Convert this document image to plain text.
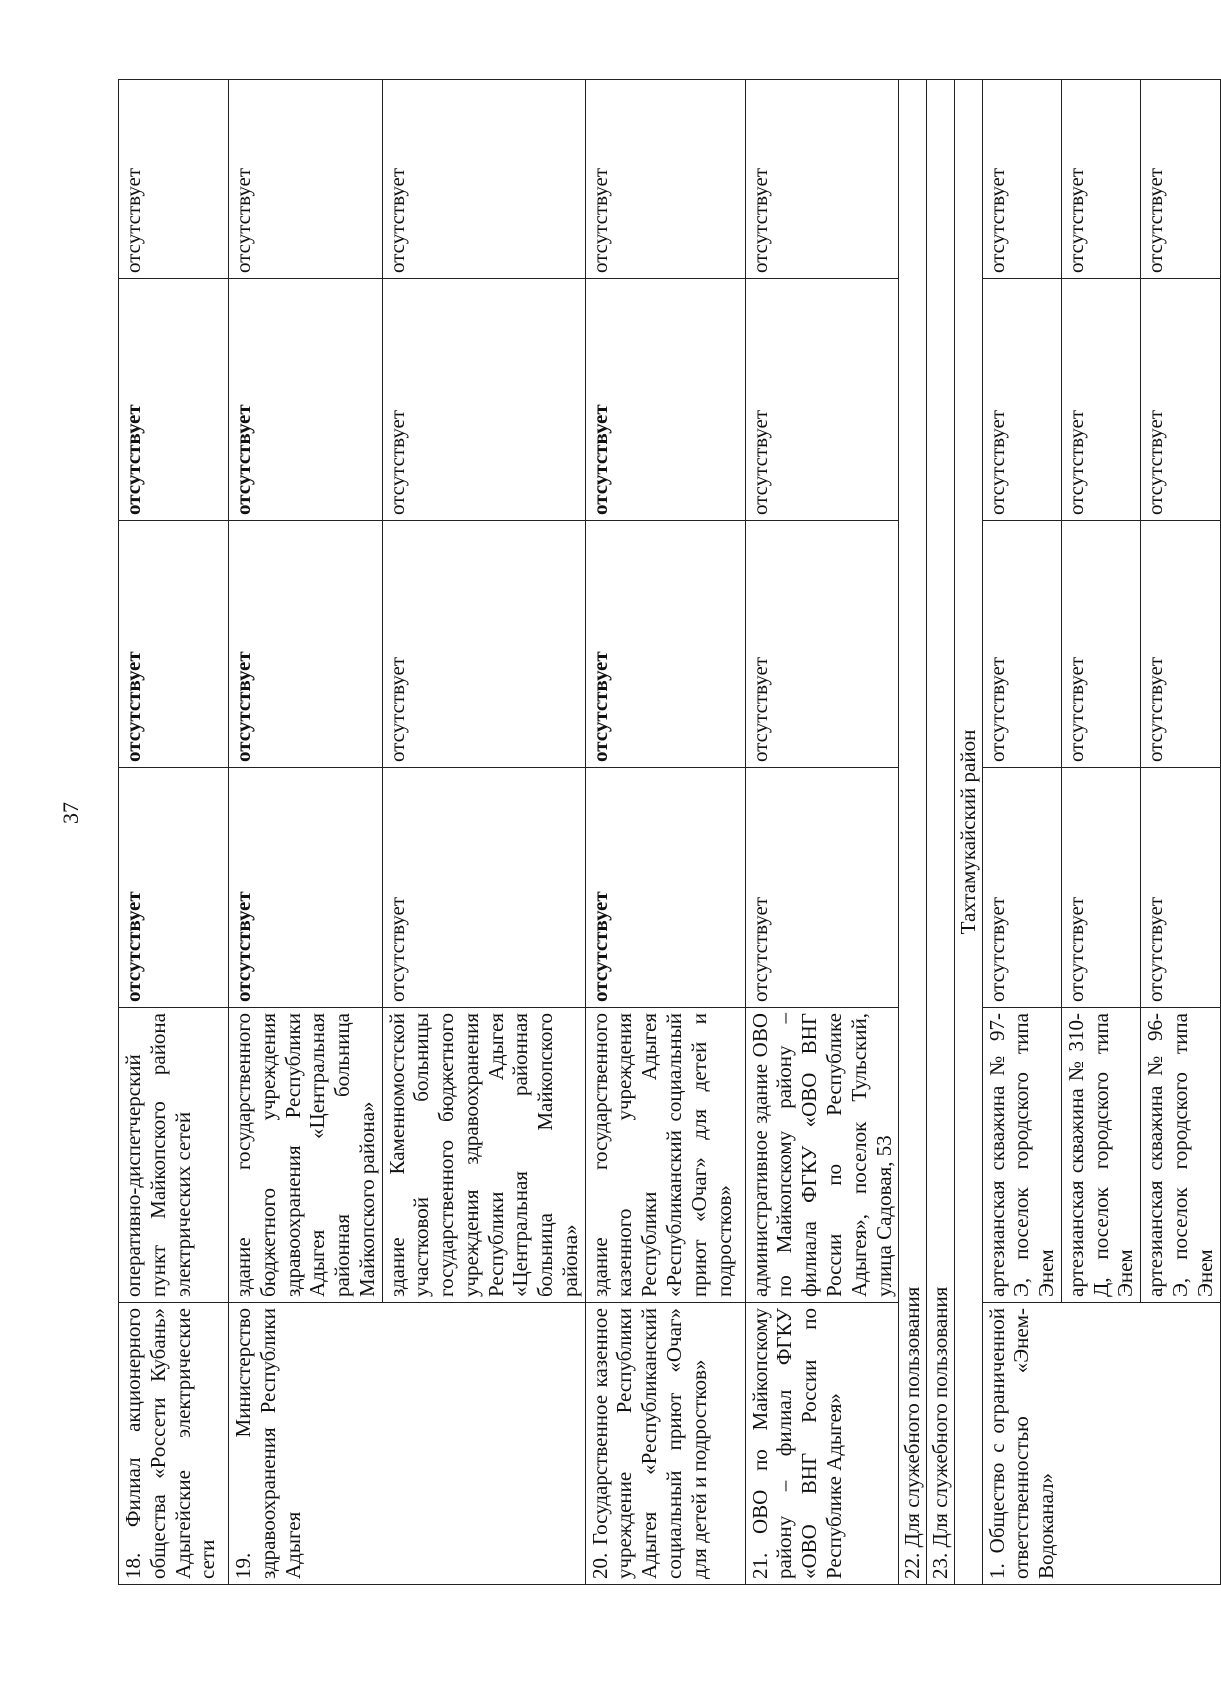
37
18. Филиал акционерного общества «Россети Кубань» Адыгейские электрические сети	оперативно-диспетчерский пункт Майкопского района электрических сетей	отсутствует	отсутствует	отсутствует	отсутствует
19. Министерство здравоохранения Республики Адыгея	здание государственного бюджетного учреждения здравоохранения Республики Адыгея «Центральная районная больница Майкопского района»	отсутствует	отсутствует	отсутствует	отсутствует
	здание Каменномостской участковой больницы государственного бюджетного учреждения здравоохранения Республики Адыгея «Центральная районная больница Майкопского района»	отсутствует	отсутствует	отсутствует	отсутствует
20. Государственное казенное учреждение Республики Адыгея «Республиканский социальный приют «Очаг» для детей и подростков»	здание государственного казенного учреждения Республики Адыгея «Республиканский социальный приют «Очаг» для детей и подростков»	отсутствует	отсутствует	отсутствует	отсутствует
21. ОВО по Майкопскому району – филиал ФГКУ «ОВО ВНГ России по Республике Адыгея»	административное здание ОВО по Майкопскому району – филиала ФГКУ «ОВО ВНГ России по Республике Адыгея», поселок Тульский, улица Садовая, 53	отсутствует	отсутствует	отсутствует	отсутствует
22. Для служебного пользования					
23. Для служебного пользования					
Тахтамукайский район					
1. Общество с ограниченной ответственностью «Энем-Водоканал»	артезианская скважина № 97-Э, поселок городского типа Энем	отсутствует	отсутствует	отсутствует	отсутствует
	артезианская скважина № 310-Д, поселок городского типа Энем	отсутствует	отсутствует	отсутствует	отсутствует
	артезианская скважина № 96-Э, поселок городского типа Энем	отсутствует	отсутствует	отсутствует	отсутствует
